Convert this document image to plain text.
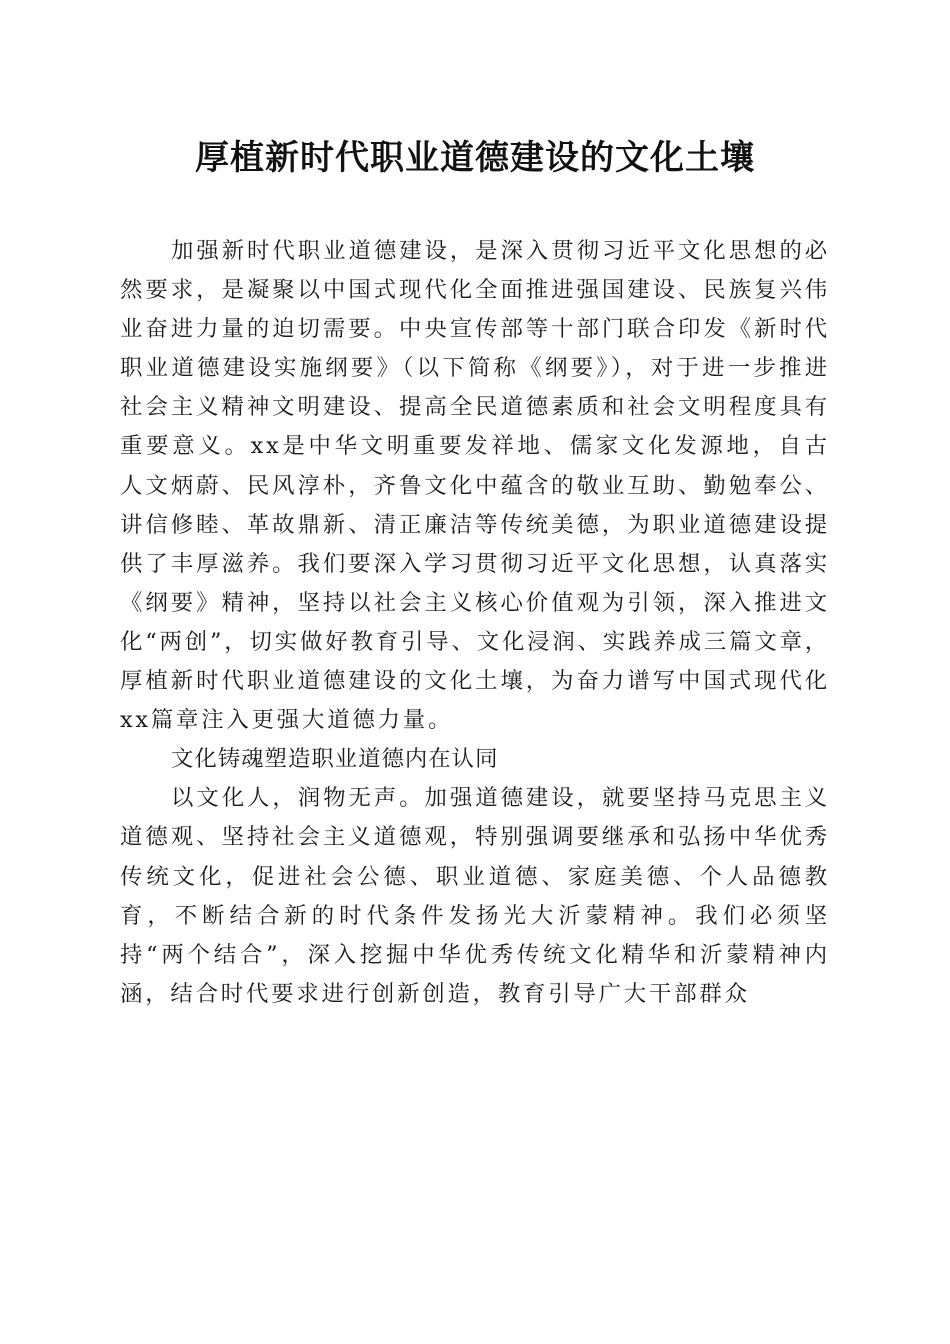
厚植新时代职业道德建设的文化土壤

加强新时代职业道德建设，是深入贯彻习近平文化思想的必然要求，是凝聚以中国式现代化全面推进强国建设、民族复兴伟业奋进力量的迫切需要。中央宣传部等十部门联合印发《新时代职业道德建设实施纲要》（以下简称《纲要》），对于进一步推进社会主义精神文明建设、提高全民道德素质和社会文明程度具有重要意义。xx是中华文明重要发祥地、儒家文化发源地，自古人文炳蔚、民风淳朴，齐鲁文化中蕴含的敬业互助、勤勉奉公、讲信修睦、革故鼎新、清正廉洁等传统美德，为职业道德建设提供了丰厚滋养。我们要深入学习贯彻习近平文化思想，认真落实《纲要》精神，坚持以社会主义核心价值观为引领，深入推进文化“两创”，切实做好教育引导、文化浸润、实践养成三篇文章，厚植新时代职业道德建设的文化土壤，为奋力谱写中国式现代化xx篇章注入更强大道德力量。

文化铸魂塑造职业道德内在认同

以文化人，润物无声。加强道德建设，就要坚持马克思主义道德观、坚持社会主义道德观，特别强调要继承和弘扬中华优秀传统文化，促进社会公德、职业道德、家庭美德、个人品德教育，不断结合新的时代条件发扬光大沂蒙精神。我们必须坚持“两个结合”，深入挖掘中华优秀传统文化精华和沂蒙精神内涵，结合时代要求进行创新创造，教育引导广大干部群众
